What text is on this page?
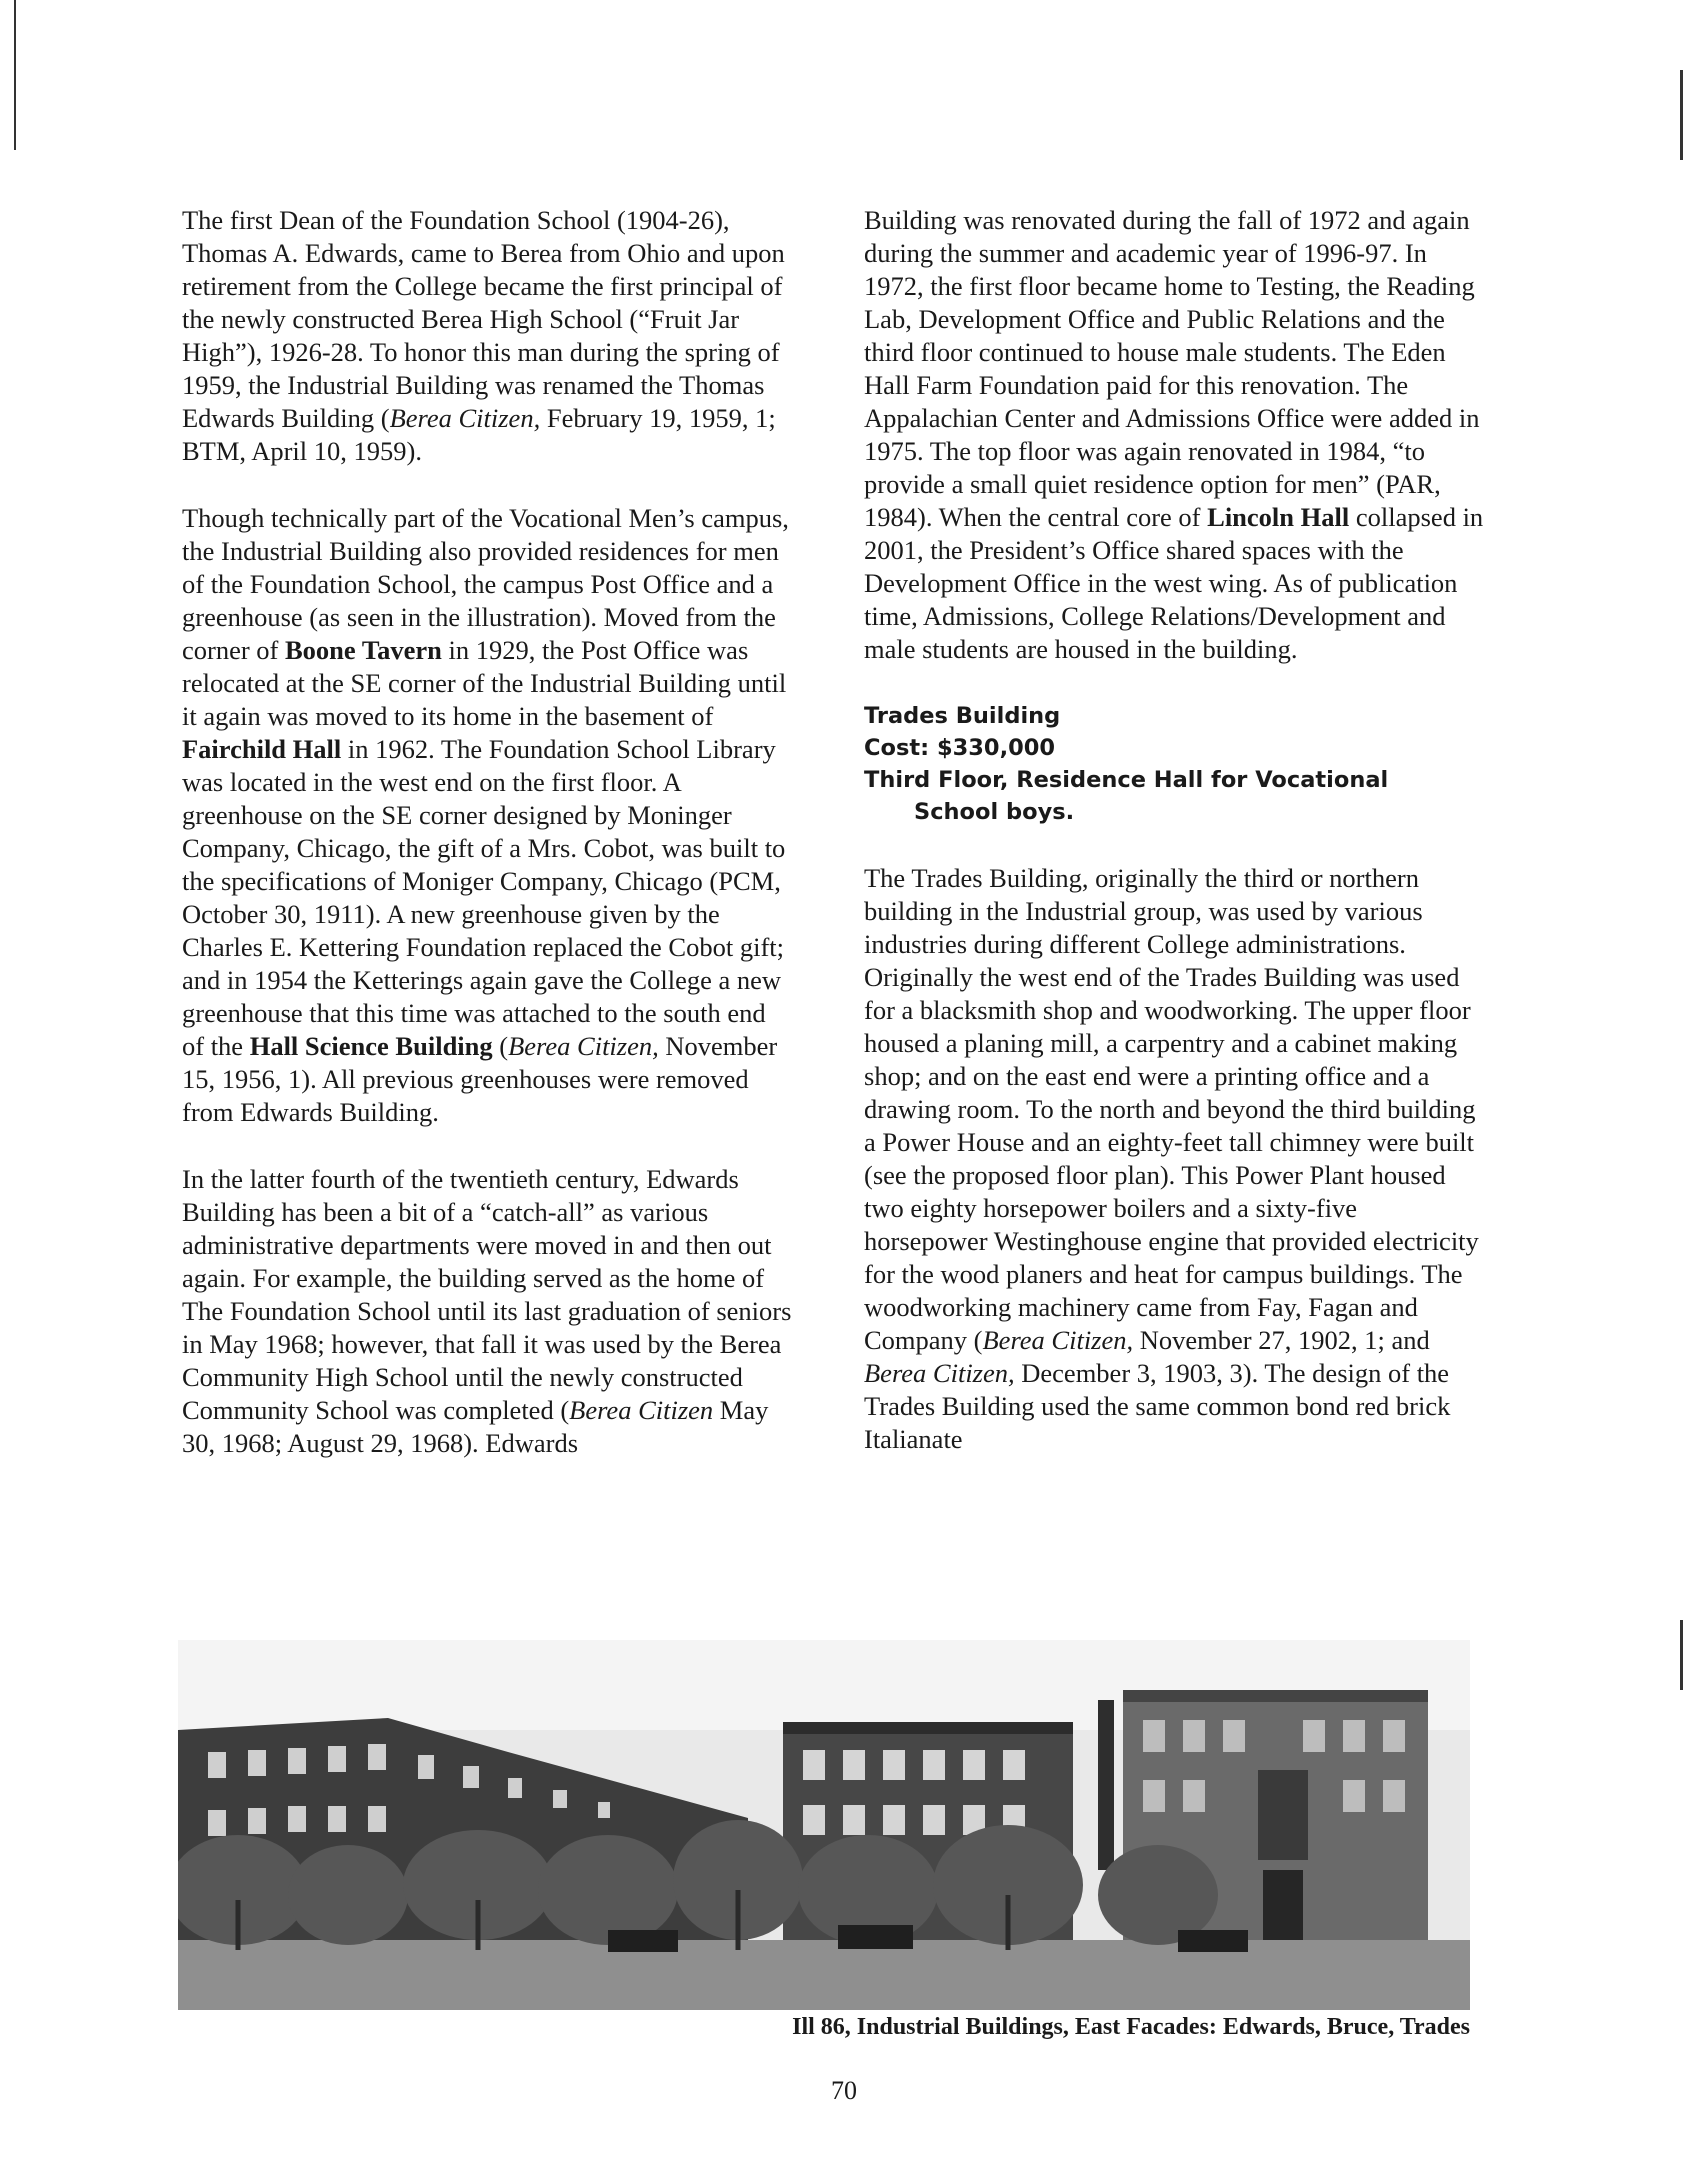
The first Dean of the Foundation School (1904-26), Thomas A. Edwards, came to Berea from Ohio and upon retirement from the College became the first principal of the newly constructed Berea High School (“Fruit Jar High”), 1926-28. To honor this man during the spring of 1959, the Industrial Building was renamed the Thomas Edwards Building (Berea Citizen, February 19, 1959, 1; BTM, April 10, 1959).

Though technically part of the Vocational Men’s campus, the Industrial Building also provided residences for men of the Foundation School, the campus Post Office and a greenhouse (as seen in the illustration). Moved from the corner of Boone Tavern in 1929, the Post Office was relocated at the SE corner of the Industrial Building until it again was moved to its home in the basement of Fairchild Hall in 1962. The Foundation School Library was located in the west end on the first floor. A greenhouse on the SE corner designed by Moninger Company, Chicago, the gift of a Mrs. Cobot, was built to the specifications of Moniger Company, Chicago (PCM, October 30, 1911). A new greenhouse given by the Charles E. Kettering Foundation replaced the Cobot gift; and in 1954 the Ketterings again gave the College a new greenhouse that this time was attached to the south end of the Hall Science Building (Berea Citizen, November 15, 1956, 1). All previous greenhouses were removed from Edwards Building.

In the latter fourth of the twentieth century, Edwards Building has been a bit of a “catch-all” as various administrative departments were moved in and then out again. For example, the building served as the home of The Foundation School until its last graduation of seniors in May 1968; however, that fall it was used by the Berea Community High School until the newly constructed Community School was completed (Berea Citizen May 30, 1968; August 29, 1968). Edwards

Building was renovated during the fall of 1972 and again during the summer and academic year of 1996-97. In 1972, the first floor became home to Testing, the Reading Lab, Development Office and Public Relations and the third floor continued to house male students. The Eden Hall Farm Foundation paid for this renovation. The Appalachian Center and Admissions Office were added in 1975. The top floor was again renovated in 1984, “to provide a small quiet residence option for men” (PAR, 1984). When the central core of Lincoln Hall collapsed in 2001, the President’s Office shared spaces with the Development Office in the west wing. As of publication time, Admissions, College Relations/Development and male students are housed in the building.

Trades Building
Cost: $330,000
Third Floor, Residence Hall for Vocational
School boys.

The Trades Building, originally the third or northern building in the Industrial group, was used by various industries during different College administrations. Originally the west end of the Trades Building was used for a blacksmith shop and woodworking. The upper floor housed a planing mill, a carpentry and a cabinet making shop; and on the east end were a printing office and a drawing room. To the north and beyond the third building a Power House and an eighty-feet tall chimney were built (see the proposed floor plan). This Power Plant housed two eighty horsepower boilers and a sixty-five horsepower Westinghouse engine that provided electricity for the wood planers and heat for campus buildings. The woodworking machinery came from Fay, Fagan and Company (Berea Citizen, November 27, 1902, 1; and Berea Citizen, December 3, 1903, 3). The design of the Trades Building used the same common bond red brick Italianate

Ill 86, Industrial Buildings, East Facades: Edwards, Bruce, Trades
70
